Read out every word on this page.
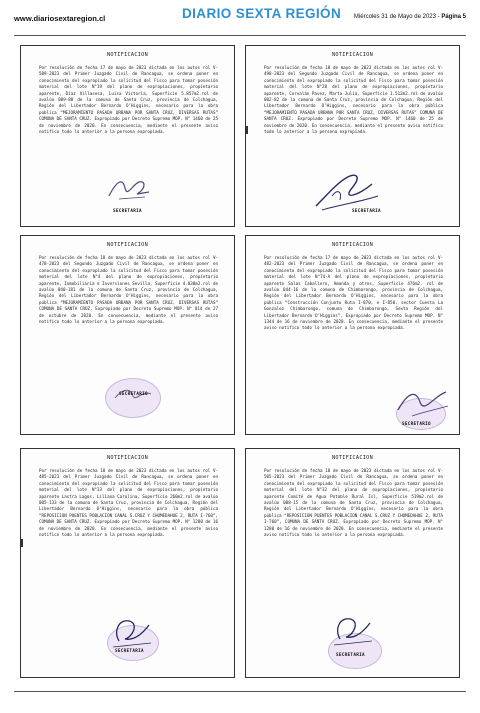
www.diariosextaregion.cl	DIARIO SEXTA REGIÓN Miércoles 31 de Mayo de 2023 - Página 5
NOTIFICACION
Por resolución de fecha 17 de mayo de 2023 dictada en los autos rol V-509-2023 del Primer Juzgado Civil de Rancagua, se ordena poner en conocimiento del expropiado la solicitud del Fisco para tomar posesión material del lote N°19 del plano de expropiaciones, propietario aparente, Díaz Villaseca, Luisa Victoria, Superficie 5.857m2.rol de avalúo 009-88 de la comuna de Santa Cruz, provincia de Colchagua, Región del Libertador Bernardo O’Higgins, necesario para la obra pública “MEJORAMIENTO PASADA URBANA POR SANTA CRUZ, DIVERSAS RUTAS” COMUNA DE SANTA CRUZ. Expropiado por Decreto Supremo MOP. N° 1460 de 25 de noviembre de 2020. En consecuencia, mediante el presente aviso notifico todo lo anterior a la persona expropiada.
SECRETARIA
NOTIFICACION
Por resolución de fecha 18 de mayo de 2023 dictada en los autos rol V-498-2023 del Segundo Juzgado Civil de Rancagua, se ordena poner en conocimiento del expropiado la solicitud del Fisco para tomar posesión material del lote N°28 del plano de expropiaciones, propietario aparente, Corvalán Pavez, Marta Julia, Superficie 1.512m2.rol de avalúo 002-82 de la comuna de Santa Cruz, provincia de Colchagua, Región del Libertador Bernardo O’Higgins, necesario para la obra pública “MEJORAMIENTO PASADA URBANA POR SANTA CRUZ, DIVERSAS RUTAS” COMUNA DE SANTA CRUZ. Expropiado por Decreto Supremo MOP. N° 1460 de 25 de noviembre de 2020. En consecuencia, mediante el presente aviso notifico todo lo anterior a la persona expropiada.
SECRETARIA
NOTIFICACION
Por resolución de fecha 18 de mayo de 2023 dictada en los autos rol V-478-2023 del Segundo Juzgado Civil de Rancagua, se ordena poner en conocimiento del expropiado la solicitud del Fisco para tomar posesión material del lote N°4 del plano de expropiaciones, propietario aparente, Inmobiliaria e Inversiones Sevilla, Superficie 4.038m2.rol de avalúo 040-181 de la comuna de Santa Cruz, provincia de Colchagua, Región del Libertador Bernardo O’Higgins, necesario para la obra pública “MEJORAMIENTO PASADA URBANA POR SANTA CRUZ, DIVERSAS RUTAS” COMUNA DE SANTA CRUZ. Expropiado por Decreto Supremo MOP. N° 814 de 27 de octubre de 2020. En consecuencia, mediante el presente aviso notifico todo lo anterior a la persona expropiada.
SECRETARIO
NOTIFICACION
Por resolución de fecha 17 de mayo de 2023 dictada en los autos rol V-482-2023 del Primer Juzgado Civil de Rancagua, se ordena poner en conocimiento del expropiado la solicitud del Fisco para tomar posesión material del lote N°74-A del plano de expropiaciones, propietario aparente Salas Caballero, Amanda y otros, Superficie 476m2. rol de avalúo 044-16 de la comuna de Chimbarongo, provincia de Colchagua, Región del Libertador Bernardo O’Higgins, necesario para la obra pública “Construcción Conjunto Ruta I-870, e I-850, sector Cuesta La Gonzalez Chimbarongo, comuna de Chimbarongo, Sexta Región del Libertador Bernardo O’Higgins”. Expropiado por Decreto Supremo MOP. N° 1344 de 16 de noviembre de 2020. En consecuencia, mediante el presente aviso notifico todo lo anterior a la persona expropiada.
SECRETARIO
NOTIFICACION
Por resolución de fecha 18 de mayo de 2023 dictada en los autos rol V-485-2023 del Primer Juzgado Civil de Rancagua, se ordena poner en conocimiento del expropiado la solicitud del Fisco para tomar posesión material del lote N°33 del plano de expropiaciones, propietario aparente Lastra Lagos, Liliana Carolina, Superficie 260m2.rol de avalúo 005-133 de la comuna de Santa Cruz, provincia de Colchagua, Región del Libertador Bernardo O’Higgins, necesario para la obra pública “REPOSICION PUENTES POBLACION CANAL S.CRUZ Y CHOMEDAHUE 2, RUTA I-760”, COMUNA DE SANTA CRUZ. Expropiado por Decreto Supremo MOP. N° 1280 de 16 de noviembre de 2020. En consecuencia, mediante el presente aviso notifico todo lo anterior a la persona expropiada.
SECRETARIA
NOTIFICACION
Por resolución de fecha 18 de mayo de 2023 dictada en los autos rol V-505-2023 del Primer Juzgado Civil de Rancagua, se ordena poner en conocimiento del expropiado la solicitud del Fisco para tomar posesión material del lote N°32 del plano de expropiaciones, propietario aparente Comité de Agua Potable Rural Isl, Superficie 519m2.rol de avalúo 008-15 de la comuna de Santa Cruz, provincia de Colchagua, Región del Libertador Bernardo O’Higgins, necesario para la obra pública “REPOSICION PUENTES POBLACION CANAL S.CRUZ Y CHOMEDAHUE 2, RUTA I-760”, COMUNA DE SANTA CRUZ. Expropiado por Decreto Supremo MOP. N° 1280 de 16 de noviembre de 2020. En consecuencia, mediante el presente aviso notifico todo lo anterior a la persona expropiada.
SECRETARIA
